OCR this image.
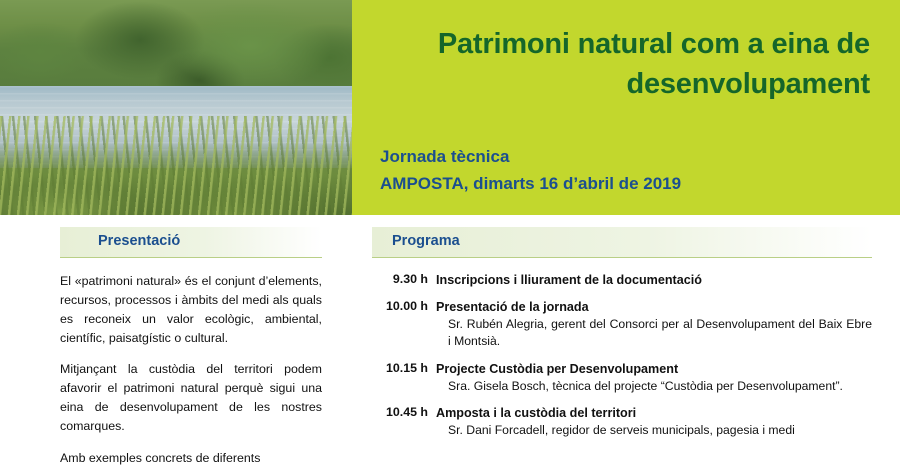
Patrimoni natural com a eina de desenvolupament
Jornada tècnica
AMPOSTA, dimarts 16 d’abril de 2019
Presentació

El «patrimoni natural» és el conjunt d’elements, recursos, processos i àmbits del medi als quals es reconeix un valor ecològic, ambiental, científic, paisatgístic o cultural.

Mitjançant la custòdia del territori podem afavorir el patrimoni natural perquè sigui una eina de desenvolupament de les nostres comarques.

Amb exemples concrets de diferents

Programa
9.30 h Inscripcions i lliurament de la documentació
10.00 h Presentació de la jornada
Sr. Rubén Alegria, gerent del Consorci per al Desenvolupament del Baix Ebre i Montsià.
10.15 h Projecte Custòdia per Desenvolupament
Sra. Gisela Bosch, tècnica del projecte “Custòdia per Desenvolupament”.
10.45 h Amposta i la custòdia del territori
Sr. Dani Forcadell, regidor de serveis municipals, pagesia i medi
